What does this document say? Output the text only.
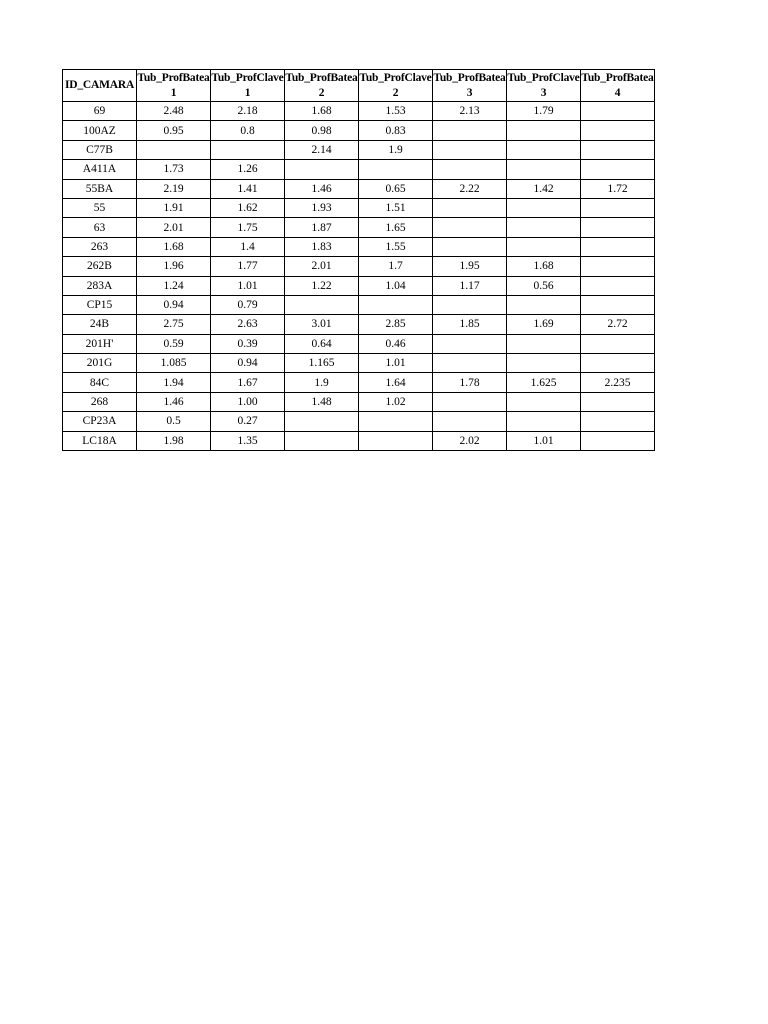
ID_CAMARA	Tub_ProfBatea1	Tub_ProfClave1	Tub_ProfBatea2	Tub_ProfClave2	Tub_ProfBatea3	Tub_ProfClave3	Tub_ProfBatea4
69	2.48	2.18	1.68	1.53	2.13	1.79	
100AZ	0.95	0.8	0.98	0.83			
C77B			2.14	1.9			
A411A	1.73	1.26					
55BA	2.19	1.41	1.46	0.65	2.22	1.42	1.72
55	1.91	1.62	1.93	1.51			
63	2.01	1.75	1.87	1.65			
263	1.68	1.4	1.83	1.55			
262B	1.96	1.77	2.01	1.7	1.95	1.68	
283A	1.24	1.01	1.22	1.04	1.17	0.56	
CP15	0.94	0.79					
24B	2.75	2.63	3.01	2.85	1.85	1.69	2.72
201H'	0.59	0.39	0.64	0.46			
201G	1.085	0.94	1.165	1.01			
84C	1.94	1.67	1.9	1.64	1.78	1.625	2.235
268	1.46	1.00	1.48	1.02			
CP23A	0.5	0.27					
LC18A	1.98	1.35			2.02	1.01	
